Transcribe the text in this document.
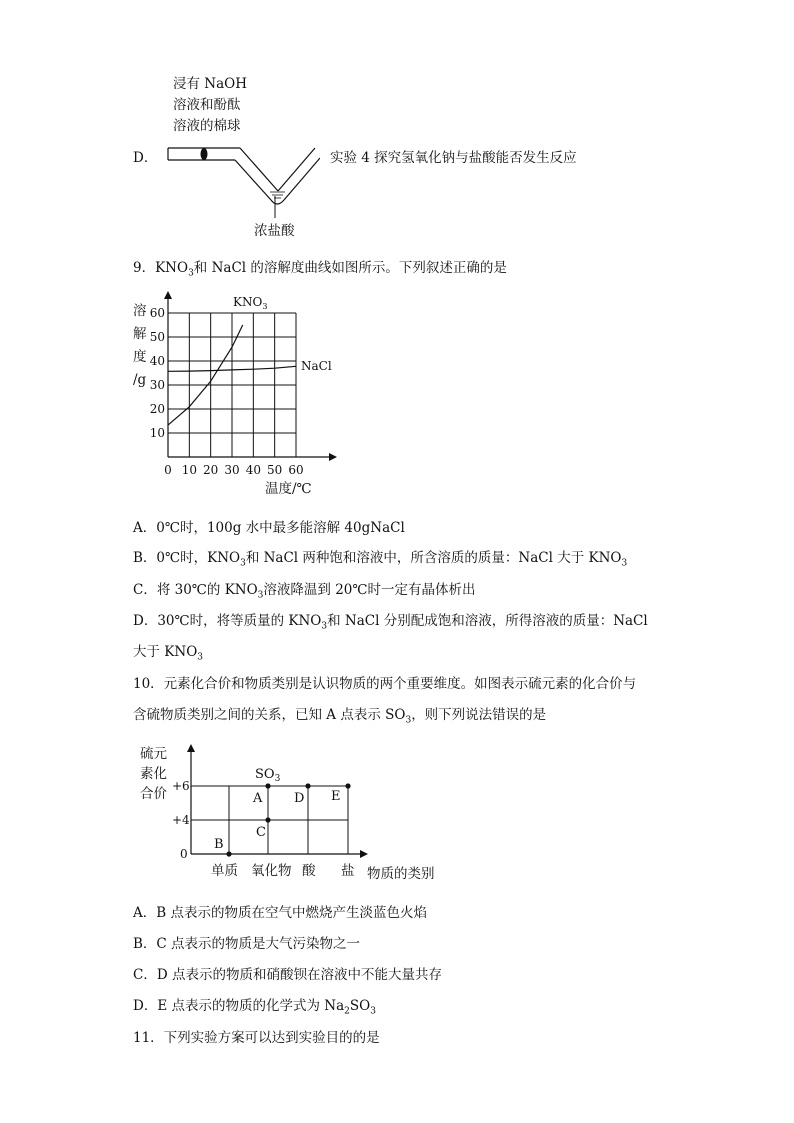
浸有 NaOH
溶液和酚酞
溶液的棉球
D．	实验 4 探究氢氧化钠与盐酸能否发生反应
浓盐酸
9．$KNO_3$和 NaCl 的溶解度曲线如图所示。下列叙述正确的是
溶
解
度
/g
0 10 20 30 40 50 60
10
20
30
40
50
60
$KNO_3$
NaCl
温度/℃
A．0℃时，100g 水中最多能溶解 40gNaCl
B．0℃时，$KNO_3$和 NaCl 两种饱和溶液中，所含溶质的质量：NaCl 大于 $KNO_3$
C．将 30℃的 $KNO_3$溶液降温到 20℃时一定有晶体析出
D．30℃时，将等质量的 $KNO_3$和 NaCl 分别配成饱和溶液，所得溶液的质量：NaCl
大于 $KNO_3$
10．元素化合价和物质类别是认识物质的两个重要维度。如图表示硫元素的化合价与
含硫物质类别之间的关系，已知 A 点表示 $SO_3$，则下列说法错误的是
硫元
素化
合价 +6
+4
0
$SO_3$
A
B
C
D E
单质 氧化物 酸 盐 物质的类别
A．B 点表示的物质在空气中燃烧产生淡蓝色火焰
B．C 点表示的物质是大气污染物之一
C．D 点表示的物质和硝酸钡在溶液中不能大量共存
D．E 点表示的物质的化学式为 $Na_2SO_3$
11．下列实验方案可以达到实验目的的是
